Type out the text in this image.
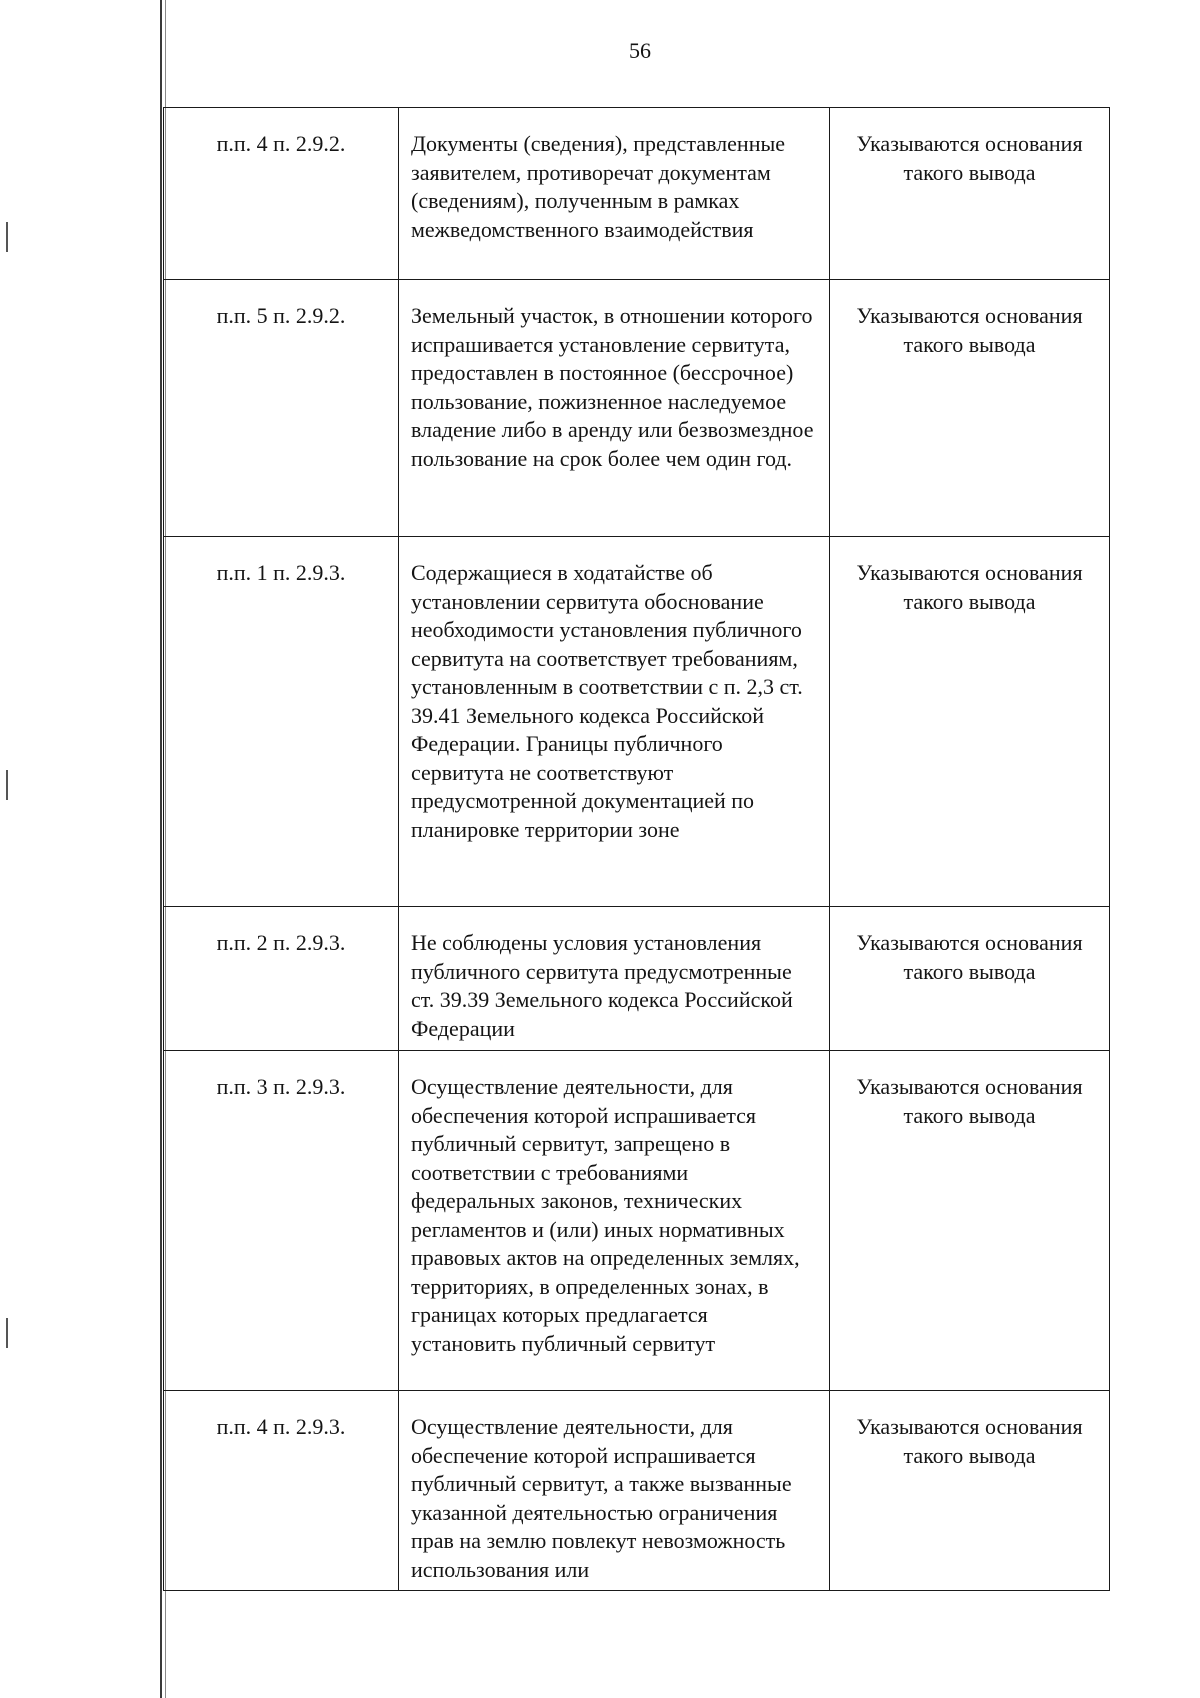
56
п.п. 4 п. 2.9.2.	Документы (сведения), представленные заявителем, противоречат документам (сведениям), полученным в рамках межведомственного взаимодействия	Указываются основания такого вывода
п.п. 5 п. 2.9.2.	Земельный участок, в отношении которого испрашивается установление сервитута, предоставлен в постоянное (бессрочное) пользование, пожизненное наследуемое владение либо в аренду или безвозмездное пользование на срок более чем один год.	Указываются основания такого вывода
п.п. 1 п. 2.9.3.	Содержащиеся в ходатайстве об установлении сервитута обоснование необходимости установления публичного сервитута на соответствует требованиям, установленным в соответствии с п. 2,3 ст. 39.41 Земельного кодекса Российской Федерации. Границы публичного сервитута не соответствуют предусмотренной документацией по планировке территории зоне	Указываются основания такого вывода
п.п. 2 п. 2.9.3.	Не соблюдены условия установления публичного сервитута предусмотренные ст. 39.39 Земельного кодекса Российской Федерации	Указываются основания такого вывода
п.п. 3 п. 2.9.3.	Осуществление деятельности, для обеспечения которой испрашивается публичный сервитут, запрещено в соответствии с требованиями федеральных законов, технических регламентов и (или) иных нормативных правовых актов на определенных землях, территориях, в определенных зонах, в границах которых предлагается установить публичный сервитут	Указываются основания такого вывода
п.п. 4 п. 2.9.3.	Осуществление деятельности, для обеспечение которой испрашивается публичный сервитут, а также вызванные указанной деятельностью ограничения прав на землю повлекут невозможность использования или	Указываются основания такого вывода
